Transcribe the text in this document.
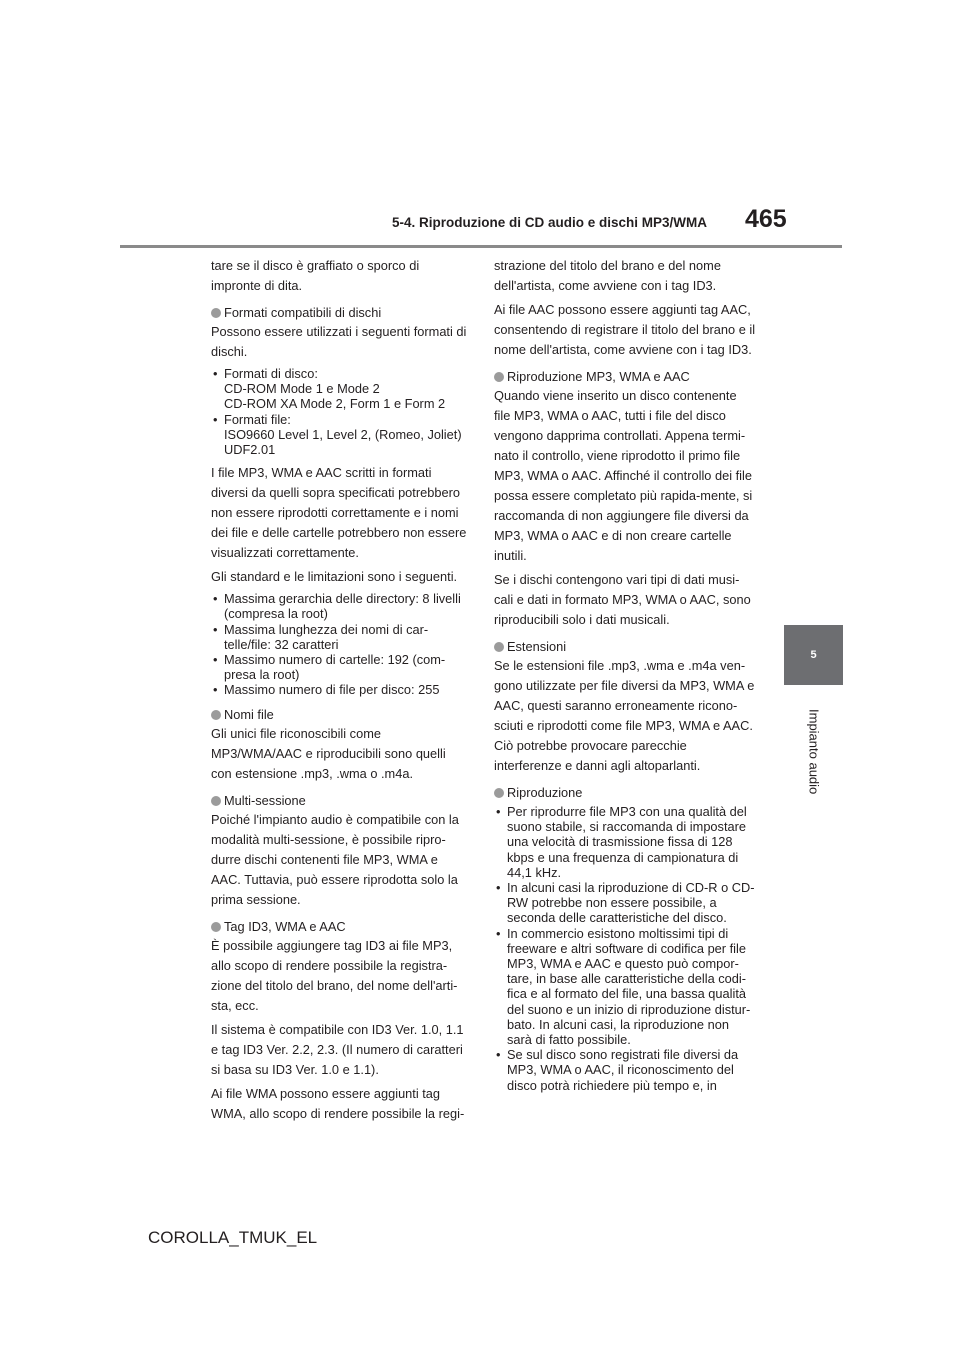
5-4. Riproduzione di CD audio e dischi MP3/WMA 465
5
Impianto audio

tare se il disco è graffiato o sporco di impronte di dita.

Formati compatibili di dischi

Possono essere utilizzati i seguenti formati di dischi.

• Formati di disco:
CD-ROM Mode 1 e Mode 2
CD-ROM XA Mode 2, Form 1 e Form 2
• Formati file:
ISO9660 Level 1, Level 2, (Romeo, Joliet)
UDF2.01

I file MP3, WMA e AAC scritti in formati diversi da quelli sopra specificati potrebbero non essere riprodotti correttamente e i nomi dei file e delle cartelle potrebbero non essere visualizzati correttamente.

Gli standard e le limitazioni sono i seguenti.

• Massima gerarchia delle directory: 8 livelli (compresa la root)
• Massima lunghezza dei nomi di car-telle/file: 32 caratteri
• Massimo numero di cartelle: 192 (com-presa la root)
• Massimo numero di file per disco: 255

Nomi file

Gli unici file riconoscibili come MP3/WMA/AAC e riproducibili sono quelli con estensione .mp3, .wma o .m4a.

Multi-sessione

Poiché l'impianto audio è compatibile con la modalità multi-sessione, è possibile ripro-durre dischi contenenti file MP3, WMA e AAC. Tuttavia, può essere riprodotta solo la prima sessione.

Tag ID3, WMA e AAC

È possibile aggiungere tag ID3 ai file MP3, allo scopo di rendere possibile la registra-zione del titolo del brano, del nome dell'arti-sta, ecc.

Il sistema è compatibile con ID3 Ver. 1.0, 1.1 e tag ID3 Ver. 2.2, 2.3. (Il numero di caratteri si basa su ID3 Ver. 1.0 e 1.1).

Ai file WMA possono essere aggiunti tag WMA, allo scopo di rendere possibile la regi-

strazione del titolo del brano e del nome dell'artista, come avviene con i tag ID3.

Ai file AAC possono essere aggiunti tag AAC, consentendo di registrare il titolo del brano e il nome dell'artista, come avviene con i tag ID3.

Riproduzione MP3, WMA e AAC

Quando viene inserito un disco contenente file MP3, WMA o AAC, tutti i file del disco vengono dapprima controllati. Appena termi-nato il controllo, viene riprodotto il primo file MP3, WMA o AAC. Affinché il controllo dei file possa essere completato più rapida-mente, si raccomanda di non aggiungere file diversi da MP3, WMA o AAC e di non creare cartelle inutili.

Se i dischi contengono vari tipi di dati musi-cali e dati in formato MP3, WMA o AAC, sono riproducibili solo i dati musicali.

Estensioni

Se le estensioni file .mp3, .wma e .m4a ven-gono utilizzate per file diversi da MP3, WMA e AAC, questi saranno erroneamente ricono-sciuti e riprodotti come file MP3, WMA e AAC. Ciò potrebbe provocare parecchie interferenze e danni agli altoparlanti.

Riproduzione

• Per riprodurre file MP3 con una qualità del suono stabile, si raccomanda di impostare una velocità di trasmissione fissa di 128 kbps e una frequenza di campionatura di 44,1 kHz.
• In alcuni casi la riproduzione di CD-R o CD-RW potrebbe non essere possibile, a seconda delle caratteristiche del disco.
• In commercio esistono moltissimi tipi di freeware e altri software di codifica per file MP3, WMA e AAC e questo può compor-tare, in base alle caratteristiche della codi-fica e al formato del file, una bassa qualità del suono e un inizio di riproduzione distur-bato. In alcuni casi, la riproduzione non sarà di fatto possibile.
• Se sul disco sono registrati file diversi da MP3, WMA o AAC, il riconoscimento del disco potrà richiedere più tempo e, in
COROLLA_TMUK_EL
